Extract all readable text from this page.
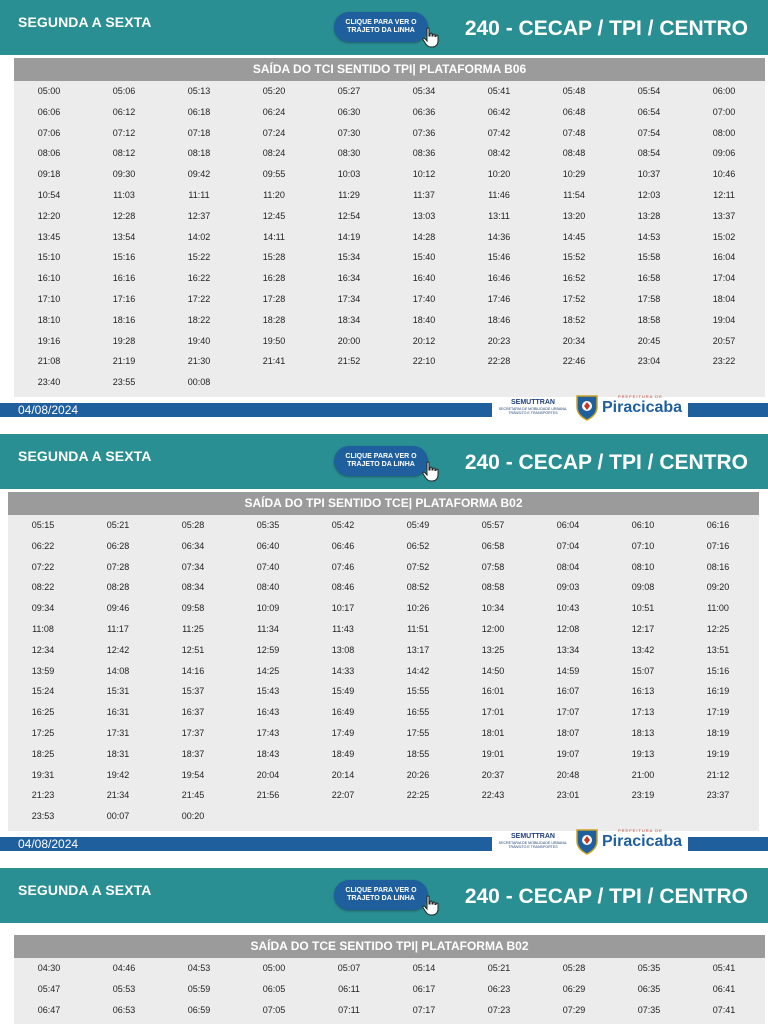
SEGUNDA A SEXTA	CLIQUE PARA VER O
TRAJETO DA LINHA	240 - CECAP / TPI / CENTRO
SAÍDA DO TCI SENTIDO TPI| PLATAFORMA B06
05:00	05:06	05:13	05:20	05:27	05:34	05:41	05:48	05:54	06:00
06:06	06:12	06:18	06:24	06:30	06:36	06:42	06:48	06:54	07:00
07:06	07:12	07:18	07:24	07:30	07:36	07:42	07:48	07:54	08:00
08:06	08:12	08:18	08:24	08:30	08:36	08:42	08:48	08:54	09:06
09:18	09:30	09:42	09:55	10:03	10:12	10:20	10:29	10:37	10:46
10:54	11:03	11:11	11:20	11:29	11:37	11:46	11:54	12:03	12:11
12:20	12:28	12:37	12:45	12:54	13:03	13:11	13:20	13:28	13:37
13:45	13:54	14:02	14:11	14:19	14:28	14:36	14:45	14:53	15:02
15:10	15:16	15:22	15:28	15:34	15:40	15:46	15:52	15:58	16:04
16:10	16:16	16:22	16:28	16:34	16:40	16:46	16:52	16:58	17:04
17:10	17:16	17:22	17:28	17:34	17:40	17:46	17:52	17:58	18:04
18:10	18:16	18:22	18:28	18:34	18:40	18:46	18:52	18:58	19:04
19:16	19:28	19:40	19:50	20:00	20:12	20:23	20:34	20:45	20:57
21:08	21:19	21:30	21:41	21:52	22:10	22:28	22:46	23:04	23:22
23:40	23:55	00:08
04/08/2024
SEMUTTRAN
SECRETARIA DE MOBILIDADE URBANA, TRÂNSITO E TRANSPORTES
PREFEITURA DE
Piracicaba
SEGUNDA A SEXTA	CLIQUE PARA VER O
TRAJETO DA LINHA	240 - CECAP / TPI / CENTRO
SAÍDA DO TPI SENTIDO TCE| PLATAFORMA B02
05:15	05:21	05:28	05:35	05:42	05:49	05:57	06:04	06:10	06:16
06:22	06:28	06:34	06:40	06:46	06:52	06:58	07:04	07:10	07:16
07:22	07:28	07:34	07:40	07:46	07:52	07:58	08:04	08:10	08:16
08:22	08:28	08:34	08:40	08:46	08:52	08:58	09:03	09:08	09:20
09:34	09:46	09:58	10:09	10:17	10:26	10:34	10:43	10:51	11:00
11:08	11:17	11:25	11:34	11:43	11:51	12:00	12:08	12:17	12:25
12:34	12:42	12:51	12:59	13:08	13:17	13:25	13:34	13:42	13:51
13:59	14:08	14:16	14:25	14:33	14:42	14:50	14:59	15:07	15:16
15:24	15:31	15:37	15:43	15:49	15:55	16:01	16:07	16:13	16:19
16:25	16:31	16:37	16:43	16:49	16:55	17:01	17:07	17:13	17:19
17:25	17:31	17:37	17:43	17:49	17:55	18:01	18:07	18:13	18:19
18:25	18:31	18:37	18:43	18:49	18:55	19:01	19:07	19:13	19:19
19:31	19:42	19:54	20:04	20:14	20:26	20:37	20:48	21:00	21:12
21:23	21:34	21:45	21:56	22:07	22:25	22:43	23:01	23:19	23:37
23:53	00:07	00:20
04/08/2024
SEMUTTRAN
SECRETARIA DE MOBILIDADE URBANA, TRÂNSITO E TRANSPORTES
PREFEITURA DE
Piracicaba
SEGUNDA A SEXTA	CLIQUE PARA VER O
TRAJETO DA LINHA	240 - CECAP / TPI / CENTRO
SAÍDA DO TCE SENTIDO TPI| PLATAFORMA B02
04:30	04:46	04:53	05:00	05:07	05:14	05:21	05:28	05:35	05:41
05:47	05:53	05:59	06:05	06:11	06:17	06:23	06:29	06:35	06:41
06:47	06:53	06:59	07:05	07:11	07:17	07:23	07:29	07:35	07:41
